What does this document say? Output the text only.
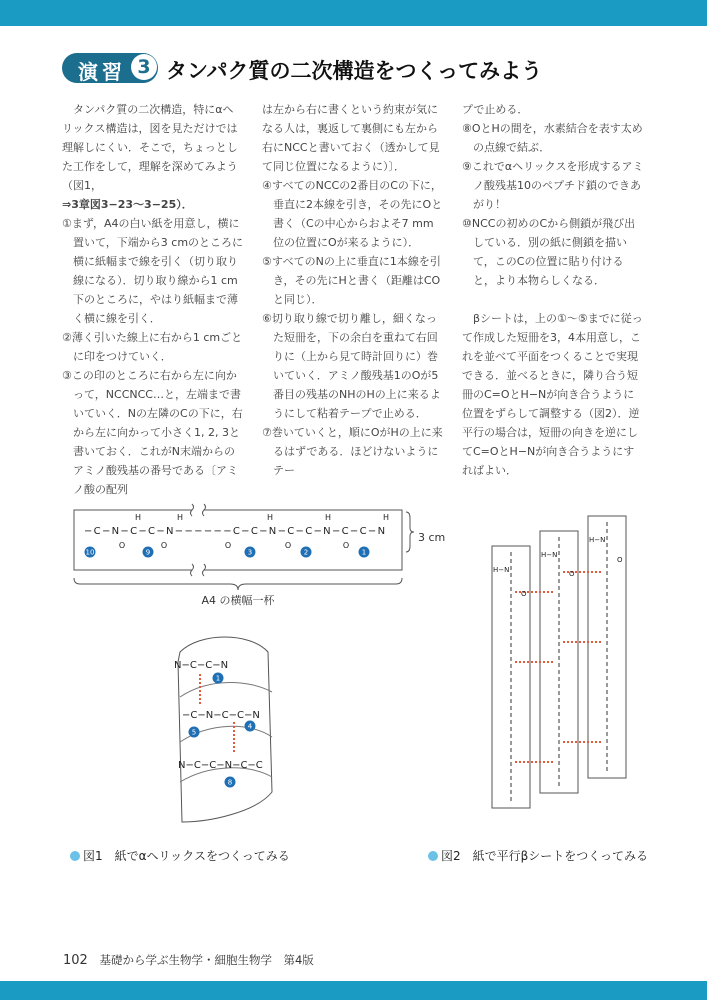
演習 3 タンパク質の二次構造をつくってみよう

タンパク質の二次構造，特にαヘリックス構造は，図を見ただけでは理解しにくい．そこで，ちょっとした工作をして，理解を深めてみよう（図1，

⇒3章図3−23〜3−25）．

①まず，A4の白い紙を用意し，横に置いて，下端から3 cmのところに横に紙幅まで線を引く（切り取り線になる）．切り取り線から1 cm下のところに，やはり紙幅まで薄く横に線を引く．

②薄く引いた線上に右から1 cmごとに印をつけていく．

③この印のところに右から左に向かって，NCCNCC…と，左端まで書いていく．Nの左隣のCの下に，右から左に向かって小さく1, 2, 3と書いておく．これがN末端からのアミノ酸残基の番号である〔アミノ酸の配列

は左から右に書くという約束が気になる人は，裏返して裏側にも左から右にNCCと書いておく（透かして見て同じ位置になるように）〕．

④すべてのNCCの2番目のCの下に，垂直に2本線を引き，その先にOと書く（Cの中心からおよそ7 mm位の位置にOが来るように）．

⑤すべてのNの上に垂直に1本線を引き，その先にHと書く（距離はCOと同じ）．

⑥切り取り線で切り離し，細くなった短冊を，下の余白を重ねて右回りに（上から見て時計回りに）巻いていく．アミノ酸残基1のOが5番目の残基のNHのHの上に来るようにして粘着テープで止める．

⑦巻いていくと，順にOがHの上に来るはずである．ほどけないようにテー

プで止める．

⑧OとHの間を，水素結合を表す太めの点線で結ぶ．

⑨これでαヘリックスを形成するアミノ酸残基10のペプチド鎖のできあがり！

⑩NCCの初めのCから側鎖が飛び出している．別の紙に側鎖を描いて，このCの位置に貼り付けると，より本物らしくなる．

βシートは，上の①〜⑤までに従って作成した短冊を3，4本用意し，これを並べて平面をつくることで実現できる．並べるときに，隣り合う短冊のC=OとH−Nが向き合うように位置をずらして調整する（図2）．逆平行の場合は，短冊の向きを逆にしてC=OとH−Nが向き合うようにすればよい．

−C−N−C−C−N−−−−−−C−C−N−C−C−N−C−C−N
10	9	3	2	1
H	H	H	H	H
O	O	O	O	O
3 cm
A4 の横幅一杯
N−C−C−N
−C−N−C−C−N
N−C−C−N−C−C
1
5
4
8
H−N
O
H−N
O
H−N
O
図1　紙でαヘリックスをつくってみる	図2　紙で平行βシートをつくってみる
102 基礎から学ぶ生物学・細胞生物学　第4版
